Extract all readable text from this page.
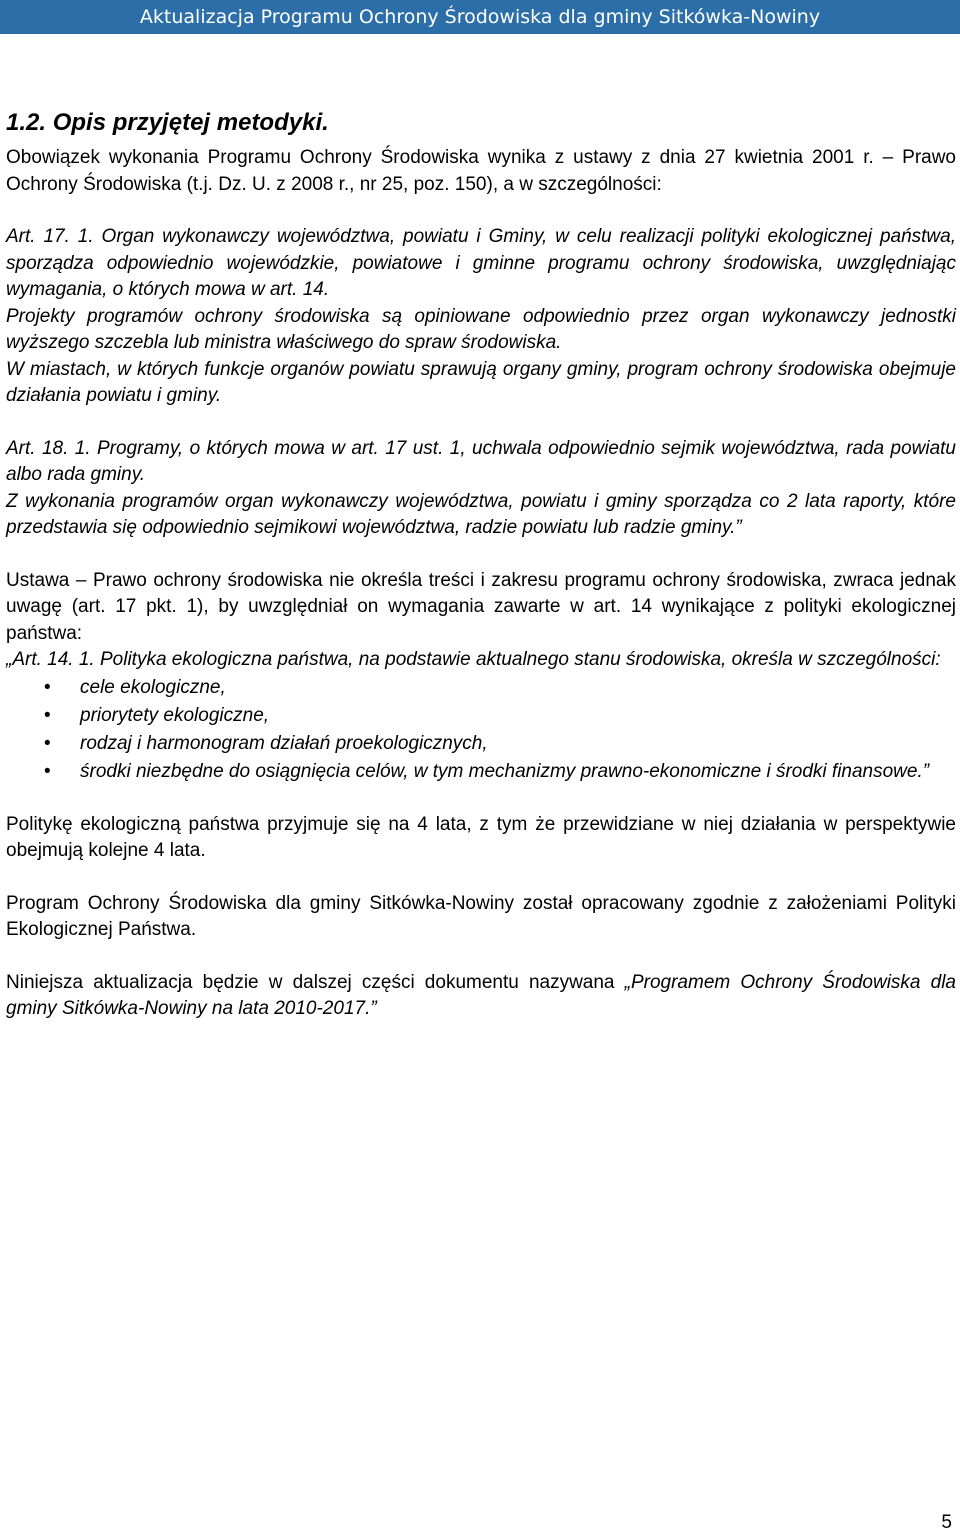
Aktualizacja Programu Ochrony Środowiska dla gminy Sitkówka-Nowiny
1.2. Opis przyjętej metodyki.

Obowiązek wykonania Programu Ochrony Środowiska wynika z ustawy z dnia 27 kwietnia 2001 r. – Prawo Ochrony Środowiska (t.j. Dz. U. z 2008 r., nr 25, poz. 150), a w szczególności:

Art. 17. 1. Organ wykonawczy województwa, powiatu i Gminy, w celu realizacji polityki ekologicznej państwa, sporządza odpowiednio wojewódzkie, powiatowe i gminne programu ochrony środowiska, uwzględniając wymagania, o których mowa w art. 14.

Projekty programów ochrony środowiska są opiniowane odpowiednio przez organ wykonawczy jednostki wyższego szczebla lub ministra właściwego do spraw środowiska.

W miastach, w których funkcje organów powiatu sprawują organy gminy, program ochrony środowiska obejmuje działania powiatu i gminy.

Art. 18. 1. Programy, o których mowa w art. 17 ust. 1, uchwala odpowiednio sejmik województwa, rada powiatu albo rada gminy.

Z wykonania programów organ wykonawczy województwa, powiatu i gminy sporządza co 2 lata raporty, które przedstawia się odpowiednio sejmikowi województwa, radzie powiatu lub radzie gminy.”

Ustawa – Prawo ochrony środowiska nie określa treści i zakresu programu ochrony środowiska, zwraca jednak uwagę (art. 17 pkt. 1), by uwzględniał on wymagania zawarte w art. 14 wynikające z polityki ekologicznej państwa:

„Art. 14. 1. Polityka ekologiczna państwa, na podstawie aktualnego stanu środowiska, określa w szczególności:

• cele ekologiczne,
• priorytety ekologiczne,
• rodzaj i harmonogram działań proekologicznych,
• środki niezbędne do osiągnięcia celów, w tym mechanizmy prawno-ekonomiczne i środki finansowe.”

Politykę ekologiczną państwa przyjmuje się na 4 lata, z tym że przewidziane w niej działania w perspektywie obejmują kolejne 4 lata.

Program Ochrony Środowiska dla gminy Sitkówka-Nowiny został opracowany zgodnie z założeniami Polityki Ekologicznej Państwa.

Niniejsza aktualizacja będzie w dalszej części dokumentu nazywana „Programem Ochrony Środowiska dla gminy Sitkówka-Nowiny na lata 2010-2017.”

5
